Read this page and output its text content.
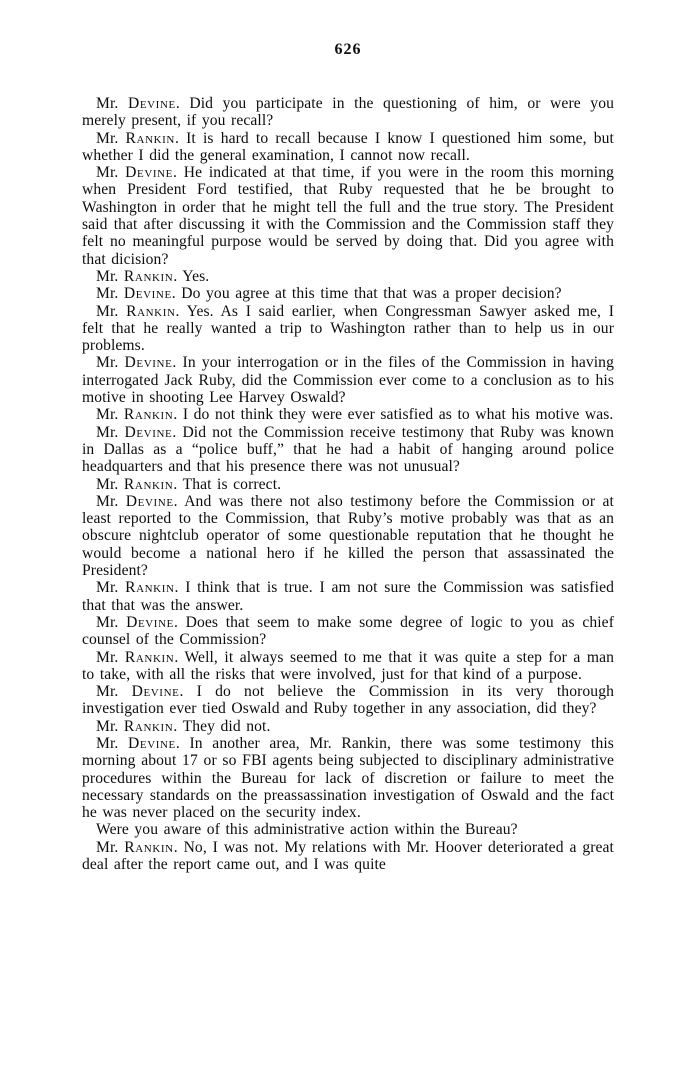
626

Mr. Devine. Did you participate in the questioning of him, or were you merely present, if you recall?

Mr. Rankin. It is hard to recall because I know I questioned him some, but whether I did the general examination, I cannot now recall.

Mr. Devine. He indicated at that time, if you were in the room this morning when President Ford testified, that Ruby requested that he be brought to Washington in order that he might tell the full and the true story. The President said that after discussing it with the Commission and the Commission staff they felt no meaningful purpose would be served by doing that. Did you agree with that dicision?

Mr. Rankin. Yes.

Mr. Devine. Do you agree at this time that that was a proper decision?

Mr. Rankin. Yes. As I said earlier, when Congressman Sawyer asked me, I felt that he really wanted a trip to Washington rather than to help us in our problems.

Mr. Devine. In your interrogation or in the files of the Commission in having interrogated Jack Ruby, did the Commission ever come to a conclusion as to his motive in shooting Lee Harvey Oswald?

Mr. Rankin. I do not think they were ever satisfied as to what his motive was.

Mr. Devine. Did not the Commission receive testimony that Ruby was known in Dallas as a “police buff,” that he had a habit of hanging around police headquarters and that his presence there was not unusual?

Mr. Rankin. That is correct.

Mr. Devine. And was there not also testimony before the Commission or at least reported to the Commission, that Ruby’s motive probably was that as an obscure nightclub operator of some questionable reputation that he thought he would become a national hero if he killed the person that assassinated the President?

Mr. Rankin. I think that is true. I am not sure the Commission was satisfied that that was the answer.

Mr. Devine. Does that seem to make some degree of logic to you as chief counsel of the Commission?

Mr. Rankin. Well, it always seemed to me that it was quite a step for a man to take, with all the risks that were involved, just for that kind of a purpose.

Mr. Devine. I do not believe the Commission in its very thorough investigation ever tied Oswald and Ruby together in any association, did they?

Mr. Rankin. They did not.

Mr. Devine. In another area, Mr. Rankin, there was some testimony this morning about 17 or so FBI agents being subjected to disciplinary administrative procedures within the Bureau for lack of discretion or failure to meet the necessary standards on the preassassination investigation of Oswald and the fact he was never placed on the security index.

Were you aware of this administrative action within the Bureau?

Mr. Rankin. No, I was not. My relations with Mr. Hoover deteriorated a great deal after the report came out, and I was quite
